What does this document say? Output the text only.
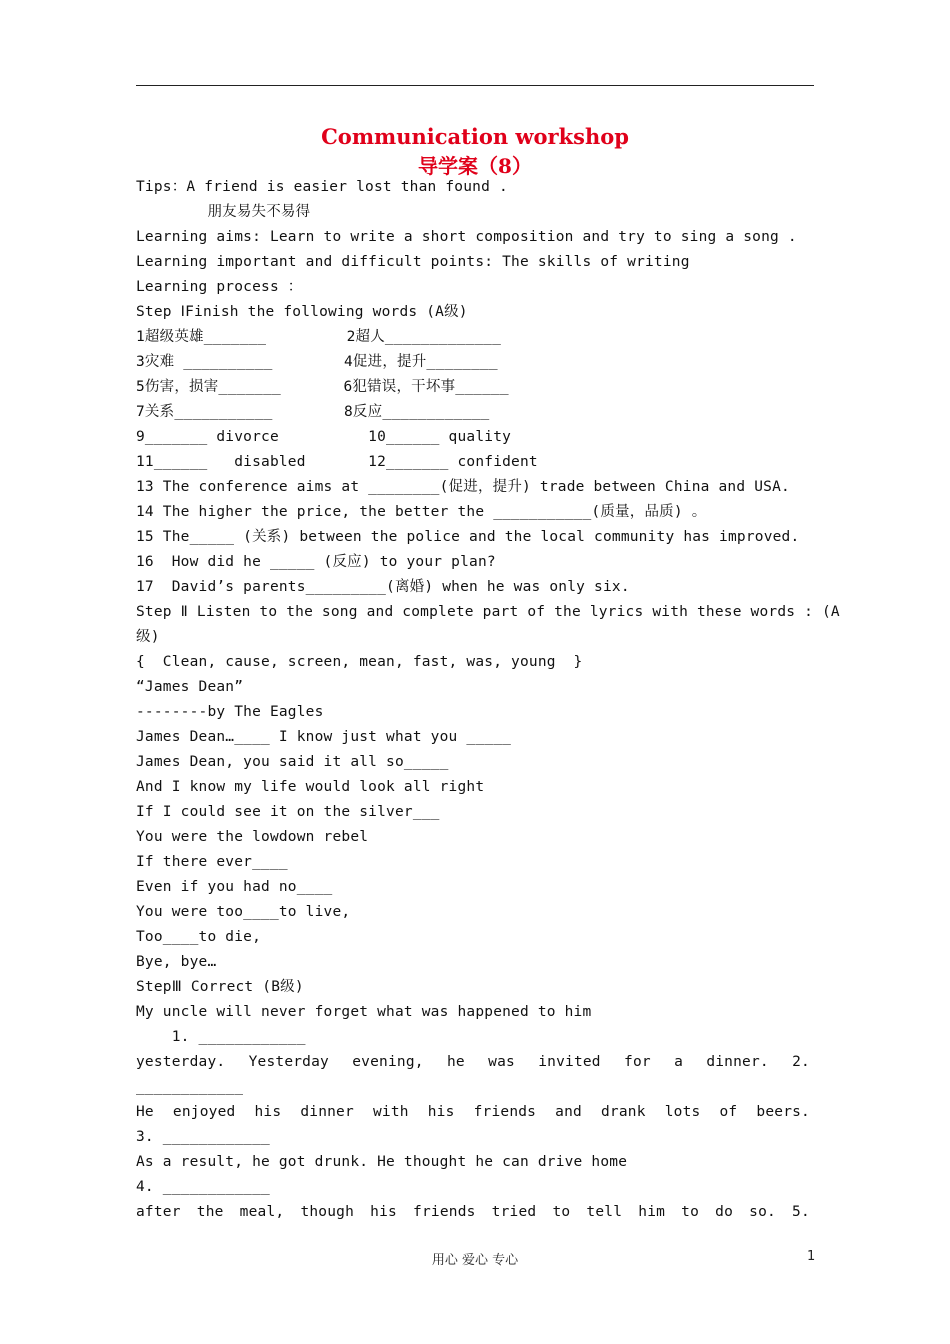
Communication workshop
导学案（8）
Tips：A friend is easier lost than found .
朋友易失不易得
Learning aims: Learn to write a short composition and try to sing a song .
Learning important and difficult points: The skills of writing
Learning process ：
Step ⅠFinish the following words (A级)
1超级英雄_______         2超人_____________
3灾难 __________        4促进，提升________
5伤害，损害_______       6犯错误，干坏事______
7关系___________        8反应____________
9_______ divorce          10______ quality
11______   disabled       12_______ confident
13 The conference aims at ________(促进，提升) trade between China and USA.
14 The higher the price, the better the ___________(质量，品质) 。
15 The_____ (关系) between the police and the local community has improved.
16  How did he _____ (反应) to your plan?
17  David’s parents_________(离婚) when he was only six.
Step Ⅱ Listen to the song and complete part of the lyrics with these words : (A
级)
{  Clean, cause, screen, mean, fast, was, young  }
“James Dean”
--------by The Eagles
James Dean…____ I know just what you _____
James Dean, you said it all so_____
And I know my life would look all right
If I could see it on the silver___
You were the lowdown rebel
If there ever____
Even if you had no____
You were too____to live,
Too____to die,
Bye, bye…
StepⅢ Correct (B级)
My uncle will never forget what was happened to him
1. ____________
yesterday. Yesterday evening, he was invited for a dinner. 2.
____________
He enjoyed his dinner with his friends and drank lots of beers.
3. ____________
As a result, he got drunk. He thought he can drive home
4. ____________
after the meal, though his friends tried to tell him to do so. 5.
用心 爱心 专心	1
